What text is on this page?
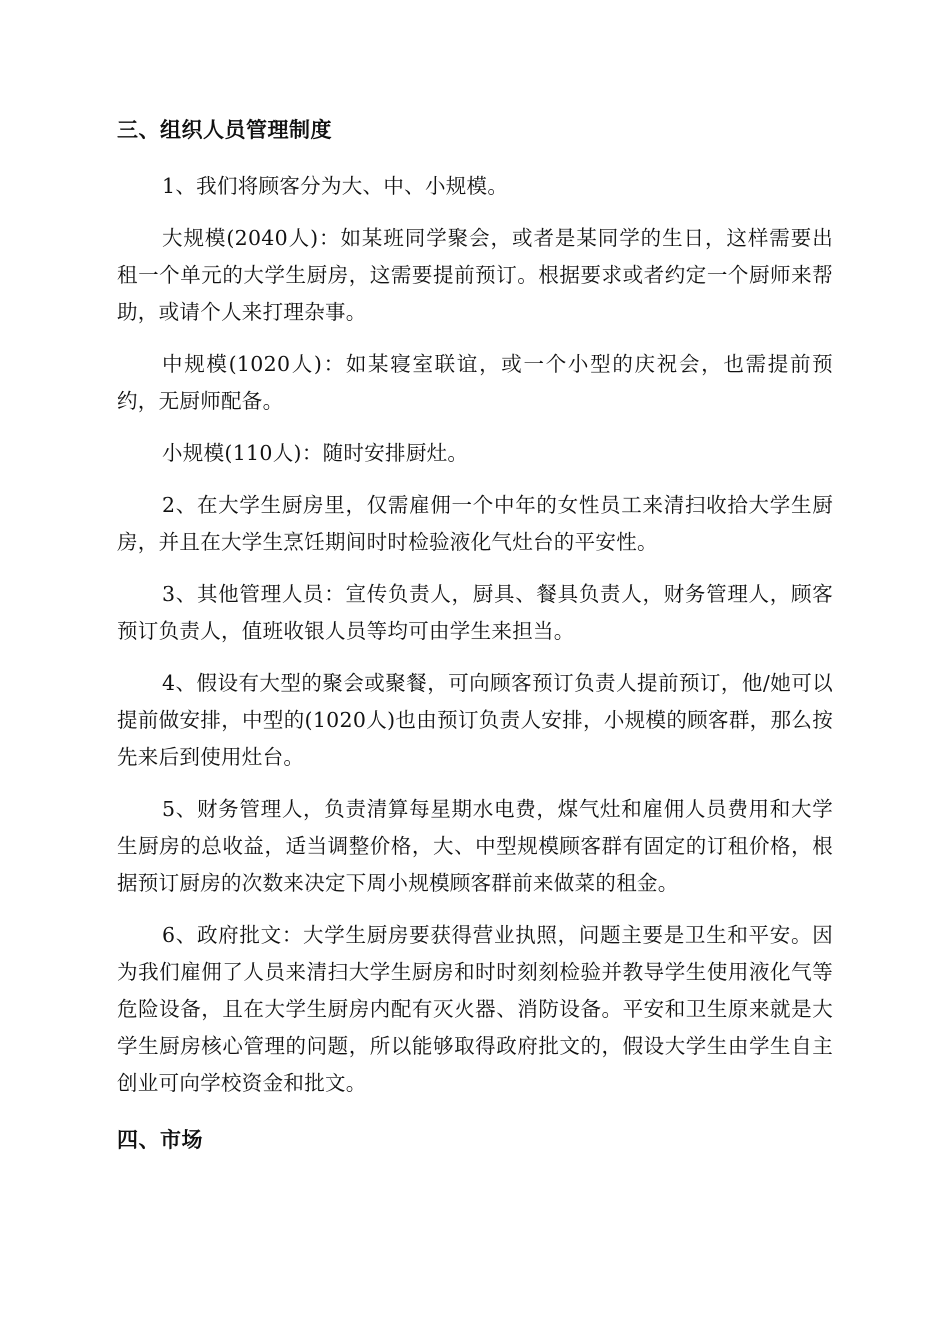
三、组织人员管理制度

1、我们将顾客分为大、中、小规模。

大规模(2040人)：如某班同学聚会，或者是某同学的生日，这样需要出租一个单元的大学生厨房，这需要提前预订。根据要求或者约定一个厨师来帮助，或请个人来打理杂事。

中规模(1020人)：如某寝室联谊，或一个小型的庆祝会，也需提前预约，无厨师配备。

小规模(110人)：随时安排厨灶。

2、在大学生厨房里，仅需雇佣一个中年的女性员工来清扫收拾大学生厨房，并且在大学生烹饪期间时时检验液化气灶台的平安性。

3、其他管理人员：宣传负责人，厨具、餐具负责人，财务管理人，顾客预订负责人，值班收银人员等均可由学生来担当。

4、假设有大型的聚会或聚餐，可向顾客预订负责人提前预订，他/她可以提前做安排，中型的(1020人)也由预订负责人安排，小规模的顾客群，那么按先来后到使用灶台。

5、财务管理人，负责清算每星期水电费，煤气灶和雇佣人员费用和大学生厨房的总收益，适当调整价格，大、中型规模顾客群有固定的订租价格，根据预订厨房的次数来决定下周小规模顾客群前来做菜的租金。

6、政府批文：大学生厨房要获得营业执照，问题主要是卫生和平安。因为我们雇佣了人员来清扫大学生厨房和时时刻刻检验并教导学生使用液化气等危险设备，且在大学生厨房内配有灭火器、消防设备。平安和卫生原来就是大学生厨房核心管理的问题，所以能够取得政府批文的，假设大学生由学生自主创业可向学校资金和批文。

四、市场
